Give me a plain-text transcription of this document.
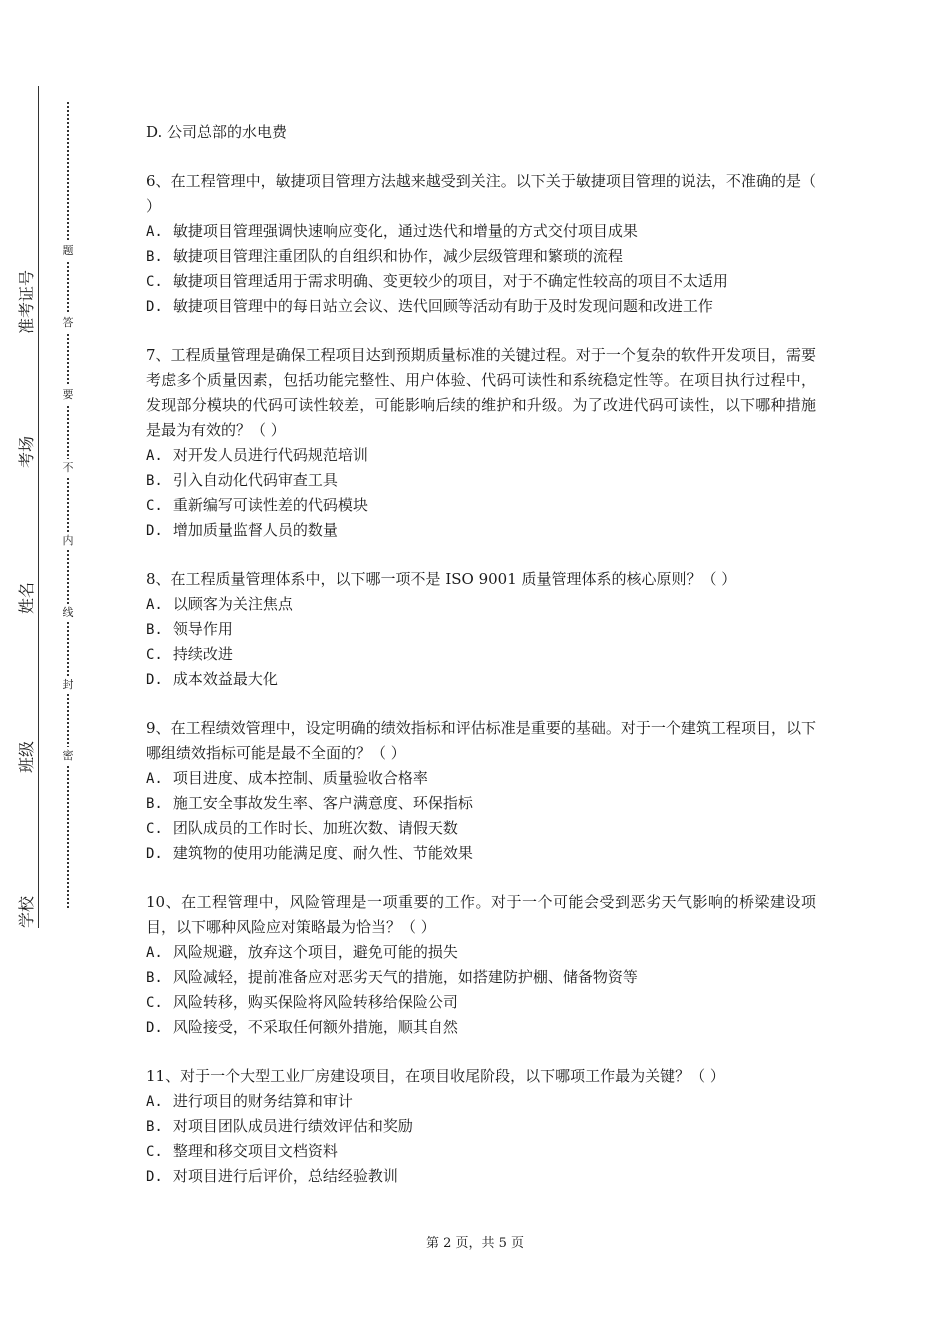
学校
班级
姓名
考场
准考证号
题
答
要
不
内
线
封
密
D. 公司总部的水电费
6、在工程管理中，敏捷项目管理方法越来越受到关注。以下关于敏捷项目管理的说法，不准确的是（ ）
A. 敏捷项目管理强调快速响应变化，通过迭代和增量的方式交付项目成果
B. 敏捷项目管理注重团队的自组织和协作，减少层级管理和繁琐的流程
C. 敏捷项目管理适用于需求明确、变更较少的项目，对于不确定性较高的项目不太适用
D. 敏捷项目管理中的每日站立会议、迭代回顾等活动有助于及时发现问题和改进工作
7、工程质量管理是确保工程项目达到预期质量标准的关键过程。对于一个复杂的软件开发项目，需要考虑多个质量因素，包括功能完整性、用户体验、代码可读性和系统稳定性等。在项目执行过程中，发现部分模块的代码可读性较差，可能影响后续的维护和升级。为了改进代码可读性，以下哪种措施是最为有效的？（ ）
A. 对开发人员进行代码规范培训
B. 引入自动化代码审查工具
C. 重新编写可读性差的代码模块
D. 增加质量监督人员的数量
8、在工程质量管理体系中，以下哪一项不是 ISO 9001 质量管理体系的核心原则？（ ）
A. 以顾客为关注焦点
B. 领导作用
C. 持续改进
D. 成本效益最大化
9、在工程绩效管理中，设定明确的绩效指标和评估标准是重要的基础。对于一个建筑工程项目，以下哪组绩效指标可能是最不全面的？（ ）
A. 项目进度、成本控制、质量验收合格率
B. 施工安全事故发生率、客户满意度、环保指标
C. 团队成员的工作时长、加班次数、请假天数
D. 建筑物的使用功能满足度、耐久性、节能效果
10、在工程管理中，风险管理是一项重要的工作。对于一个可能会受到恶劣天气影响的桥梁建设项目，以下哪种风险应对策略最为恰当？（ ）
A. 风险规避，放弃这个项目，避免可能的损失
B. 风险减轻，提前准备应对恶劣天气的措施，如搭建防护棚、储备物资等
C. 风险转移，购买保险将风险转移给保险公司
D. 风险接受，不采取任何额外措施，顺其自然
11、对于一个大型工业厂房建设项目，在项目收尾阶段，以下哪项工作最为关键？（ ）
A. 进行项目的财务结算和审计
B. 对项目团队成员进行绩效评估和奖励
C. 整理和移交项目文档资料
D. 对项目进行后评价，总结经验教训
第 2 页，共 5 页
